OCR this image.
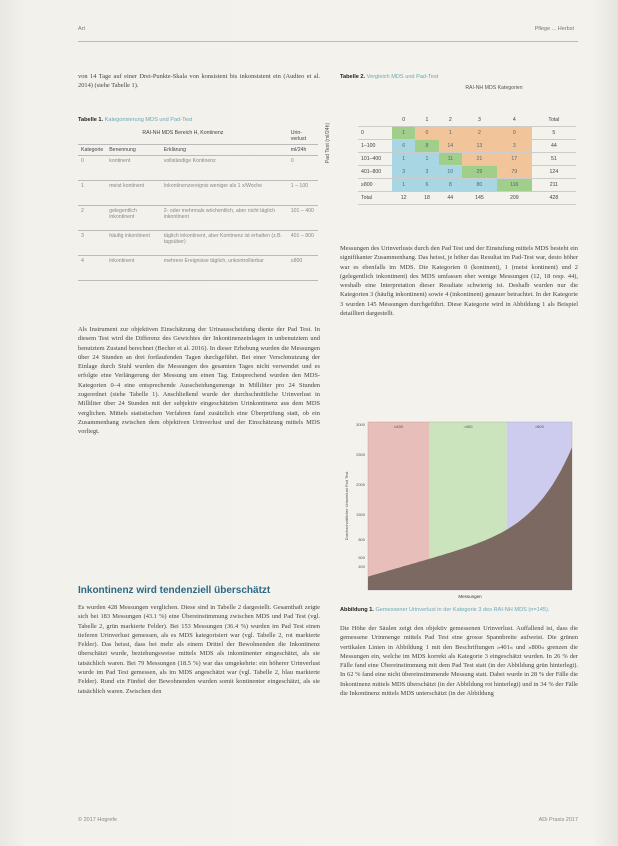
Art	Pflege ... Herbst
von 14 Tage auf einer Drei-Punkte-Skala von konsistent bis inkonsistent ein (Audieo et al. 2014) (siehe Tabelle 1).
Tabelle 1. Kategorisierung MDS und Pad-Test
RAI-NH MDS Bereich H, Kontinenz			Urin-verlust
Kategorie	Benennung	Erklärung	ml/24h
0	kontinent	vollständige Kontinenz	0
1	meist kontinent	Inkontinenzereignis weniger als 1 x/Woche	1 – 100
2	gelegentlich inkontinent	2- oder mehrmals wöchentlich, aber nicht täglich inkontinent	101 – 400
3	häufig inkontinent	täglich inkontinent, aber Kontinenz ist erhalten (z.B. tagsüber)	401 – 800
4	inkontinent	mehrere Ereignisse täglich, unkontrollierbar	≥800
Als Instrument zur objektiven Einschätzung der Urinausscheidung diente der Pad Test. In diesem Test wird die Differenz des Gewichtes der Inkontinenzeinlagen in unbenutztem und benutztem Zustand berechnet (Becher et al. 2016). In dieser Erhebung wurden die Messungen über 24 Stunden an drei fortlaufenden Tagen durchgeführt. Bei einer Verschmutzung der Einlage durch Stuhl wurden die Messungen des gesamten Tages nicht verwendet und es erfolgte eine Verlängerung der Messung um einen Tag. Entsprechend wurden den MDS-Kategorien 0–4 eine entsprechende Ausscheidungsmenge in Milliliter pro 24 Stunden zugeordnet (siehe Tabelle 1). Anschließend wurde der durchschnittliche Urinverlust in Milliliter über 24 Stunden mit der subjektiv eingeschätzten Urinkontinenz aus dem MDS verglichen. Mittels statistischen Verfahren fand zusätzlich eine Überprüfung statt, ob ein Zusammenhang zwischen dem objektiven Urinverlust und der Einschätzung mittels MDS vorliegt.
Inkontinenz wird tendenziell überschätzt
Es wurden 428 Messungen verglichen. Diese sind in Tabelle 2 dargestellt. Gesamthaft zeigte sich bei 183 Messungen (43.1 %) eine Übereinstimmung zwischen MDS und Pad Test (vgl. Tabelle 2, grün markierte Felder). Bei 153 Messungen (36.4 %) wurden im Pad Test einen tieferen Urinverlust gemessen, als es MDS kategorisiert war (vgl. Tabelle 2, rot markierte Felder). Das heisst, dass bei mehr als einem Drittel der Bewohnenden die Inkontinenz überschätzt wurde, beziehungsweise mittels MDS als inkontinenter eingeschätzt, als sie tatsächlich waren. Bei 79 Messungen (18.5 %) war das umgekehrte: ein höherer Urinverlust wurde im Pad Test gemessen, als im MDS angeschätzt war (vgl. Tabelle 2, blau markierte Felder). Rund ein Fünftel der Bewohnenden wurden somit kontinenter eingeschätzt, als sie tatsächlich waren. Zwischen den
Tabelle 2. Vergleich MDS und Pad-Test
RAI-NH MDS Kategorien
Pad Test (ml/24h)
	0	1	2	3	4	Total
0	1	0	1	2	0	5
1–100	6	8	14	13	3	44
101–400	1	1	11	21	17	51
401–800	3	3	10	29	79	124
≥800	1	6	8	80	116	211
Total	12	18	44	145	209	428
Messungen des Urinverlusts durch den Pad Test und der Einstufung mittels MDS besteht ein signifikanter Zusammenhang. Das heisst, je höher das Resultat im Pad-Test war, desto höher war es ebenfalls im MDS. Die Kategorien 0 (kontinent), 1 (meist kontinent) und 2 (gelegentlich inkontinent) des MDS umfassen eher wenige Messungen (12, 18 resp. 44), weshalb eine Interpretation dieser Resultate schwierig ist. Deshalb wurden nur die Kategorien 3 (häufig inkontinent) sowie 4 (inkontinent) genauer betrachtet. In der Kategorie 3 wurden 145 Messungen durchgeführt. Diese Kategorie wird in Abbildung 1 als Beispiel detailliert dargestellt.
≤400	>400	>800
3000
2500
2000
1500
800
500
400
Durchschnittlicher Urinverlust Pad Test
Messungen
Abbildung 1. Gemessener Urinverlust in der Kategorie 3 des RAI-NH MDS (n=145).
Die Höhe der Säulen zeigt den objektiv gemessenen Urinverlust. Auffallend ist, dass die gemessene Urinmenge mittels Pad Test eine grosse Spannbreite aufweist. Die grünen vertikalen Linien in Abbildung 1 mit den Beschriftungen »401« und »800« grenzen die Messungen ein, welche im MDS korrekt als Kategorie 3 eingeschätzt wurden. In 26 % der Fälle fand eine Übereinstimmung mit dem Pad Test statt (in der Abbildung grün hinterlegt). In 62 % fand eine nicht übereinstimmende Messung statt. Dabei wurde in 28 % der Fälle die Inkontinenz mittels MDS überschätzt (in der Abbildung rot hinterlegt) und in 34 % der Fälle die Inkontinenz mittels MDS unterschätzt (in der Abbildung
© 2017 Hogrefe	ADi Praxis 2017
